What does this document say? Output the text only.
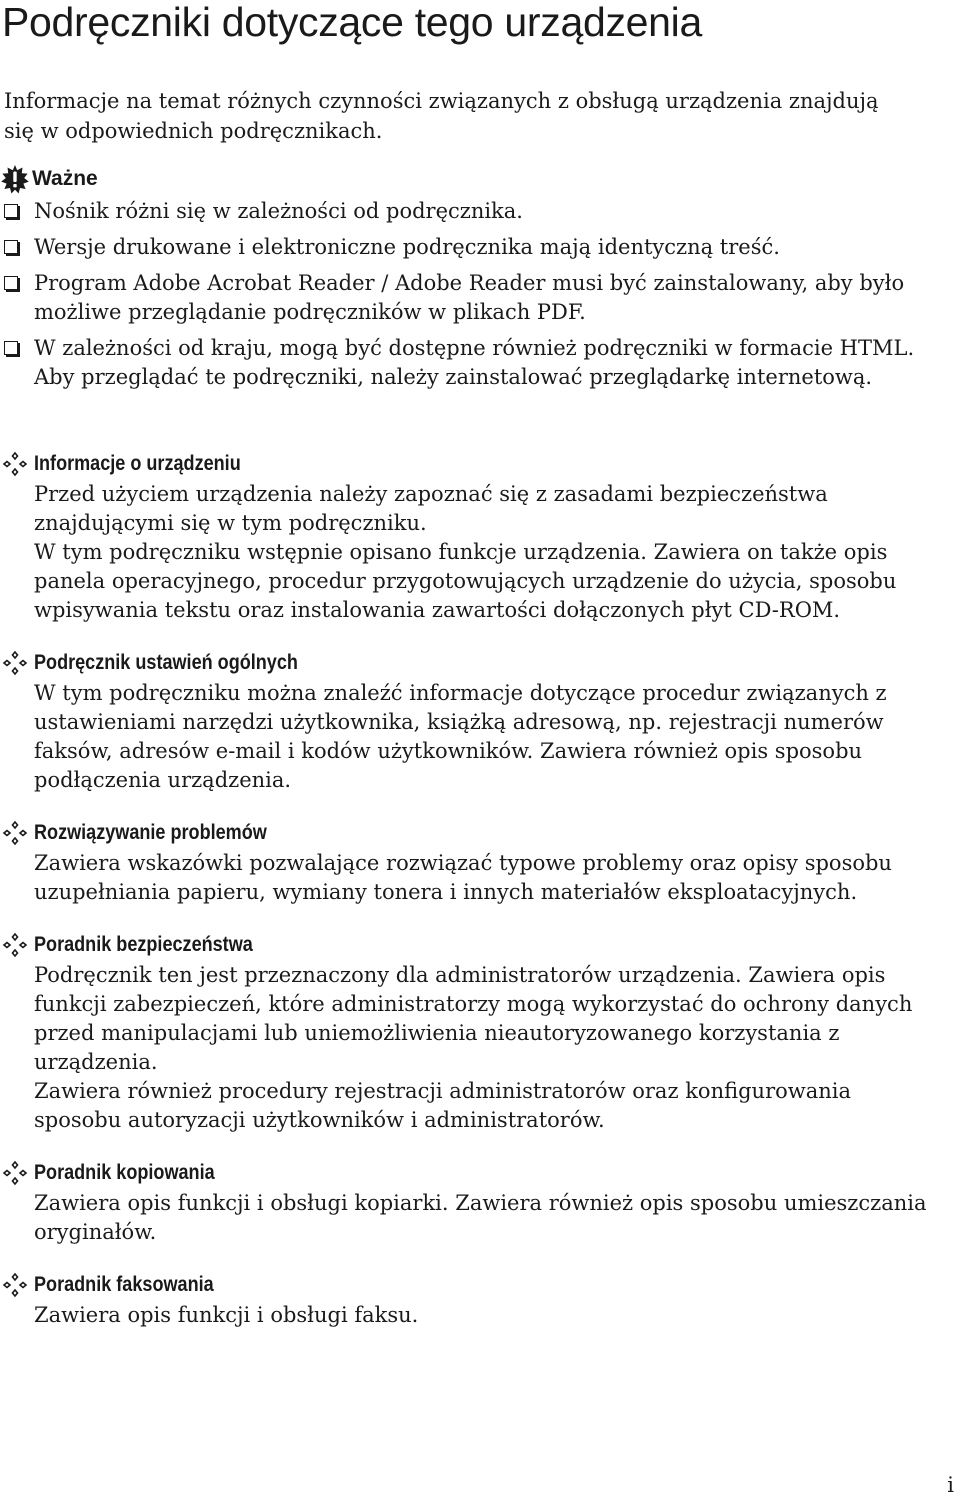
Podręczniki dotyczące tego urządzenia

Informacje na temat różnych czynności związanych z obsługą urządzenia znajdują się w odpowiednich podręcznikach.

Ważne
Nośnik różni się w zależności od podręcznika.
Wersje drukowane i elektroniczne podręcznika mają identyczną treść.
Program Adobe Acrobat Reader / Adobe Reader musi być zainstalowany, aby było możliwe przeglądanie podręczników w plikach PDF.
W zależności od kraju, mogą być dostępne również podręczniki w formacie HTML. Aby przeglądać te podręczniki, należy zainstalować przeglądarkę internetową.
Informacje o urządzeniu

Przed użyciem urządzenia należy zapoznać się z zasadami bezpieczeństwa znajdującymi się w tym podręczniku.
W tym podręczniku wstępnie opisano funkcje urządzenia. Zawiera on także opis panela operacyjnego, procedur przygotowujących urządzenie do użycia, sposobu wpisywania tekstu oraz instalowania zawartości dołączonych płyt CD-ROM.

Podręcznik ustawień ogólnych

W tym podręczniku można znaleźć informacje dotyczące procedur związanych z ustawieniami narzędzi użytkownika, książką adresową, np. rejestracji numerów faksów, adresów e-mail i kodów użytkowników. Zawiera również opis sposobu podłączenia urządzenia.

Rozwiązywanie problemów

Zawiera wskazówki pozwalające rozwiązać typowe problemy oraz opisy sposobu uzupełniania papieru, wymiany tonera i innych materiałów eksploatacyjnych.

Poradnik bezpieczeństwa

Podręcznik ten jest przeznaczony dla administratorów urządzenia. Zawiera opis funkcji zabezpieczeń, które administratorzy mogą wykorzystać do ochrony danych przed manipulacjami lub uniemożliwienia nieautoryzowanego korzystania z urządzenia.
Zawiera również procedury rejestracji administratorów oraz konfigurowania sposobu autoryzacji użytkowników i administratorów.

Poradnik kopiowania

Zawiera opis funkcji i obsługi kopiarki. Zawiera również opis sposobu umieszczania oryginałów.

Poradnik faksowania

Zawiera opis funkcji i obsługi faksu.

i
